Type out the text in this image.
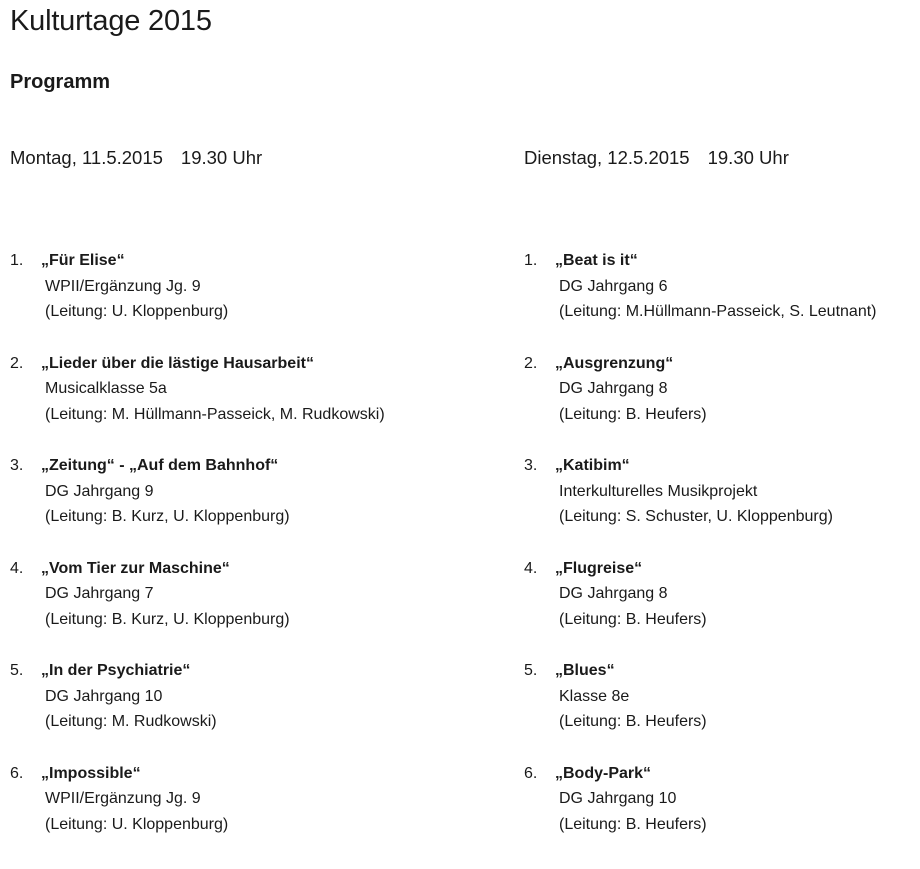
Kulturtage 2015
Programm
Montag, 11.5.2015 19.30 Uhr
1. „Für Elise“
WPII/Ergänzung Jg. 9
(Leitung: U. Kloppenburg)
2. „Lieder über die lästige Hausarbeit“
Musicalklasse 5a
(Leitung: M. Hüllmann-Passeick, M. Rudkowski)
3. „Zeitung“ - „Auf dem Bahnhof“
DG Jahrgang 9
(Leitung: B. Kurz, U. Kloppenburg)
4. „Vom Tier zur Maschine“
DG Jahrgang 7
(Leitung: B. Kurz, U. Kloppenburg)
5. „In der Psychiatrie“
DG Jahrgang 10
(Leitung: M. Rudkowski)
6. „Impossible“
WPII/Ergänzung Jg. 9
(Leitung: U. Kloppenburg)
Dienstag, 12.5.2015 19.30 Uhr
1. „Beat is it“
DG Jahrgang 6
(Leitung: M.Hüllmann-Passeick, S. Leutnant)
2. „Ausgrenzung“
DG Jahrgang 8
(Leitung: B. Heufers)
3. „Katibim“
Interkulturelles Musikprojekt
(Leitung: S. Schuster, U. Kloppenburg)
4. „Flugreise“
DG Jahrgang 8
(Leitung: B. Heufers)
5. „Blues“
Klasse 8e
(Leitung: B. Heufers)
6. „Body-Park“
DG Jahrgang 10
(Leitung: B. Heufers)
